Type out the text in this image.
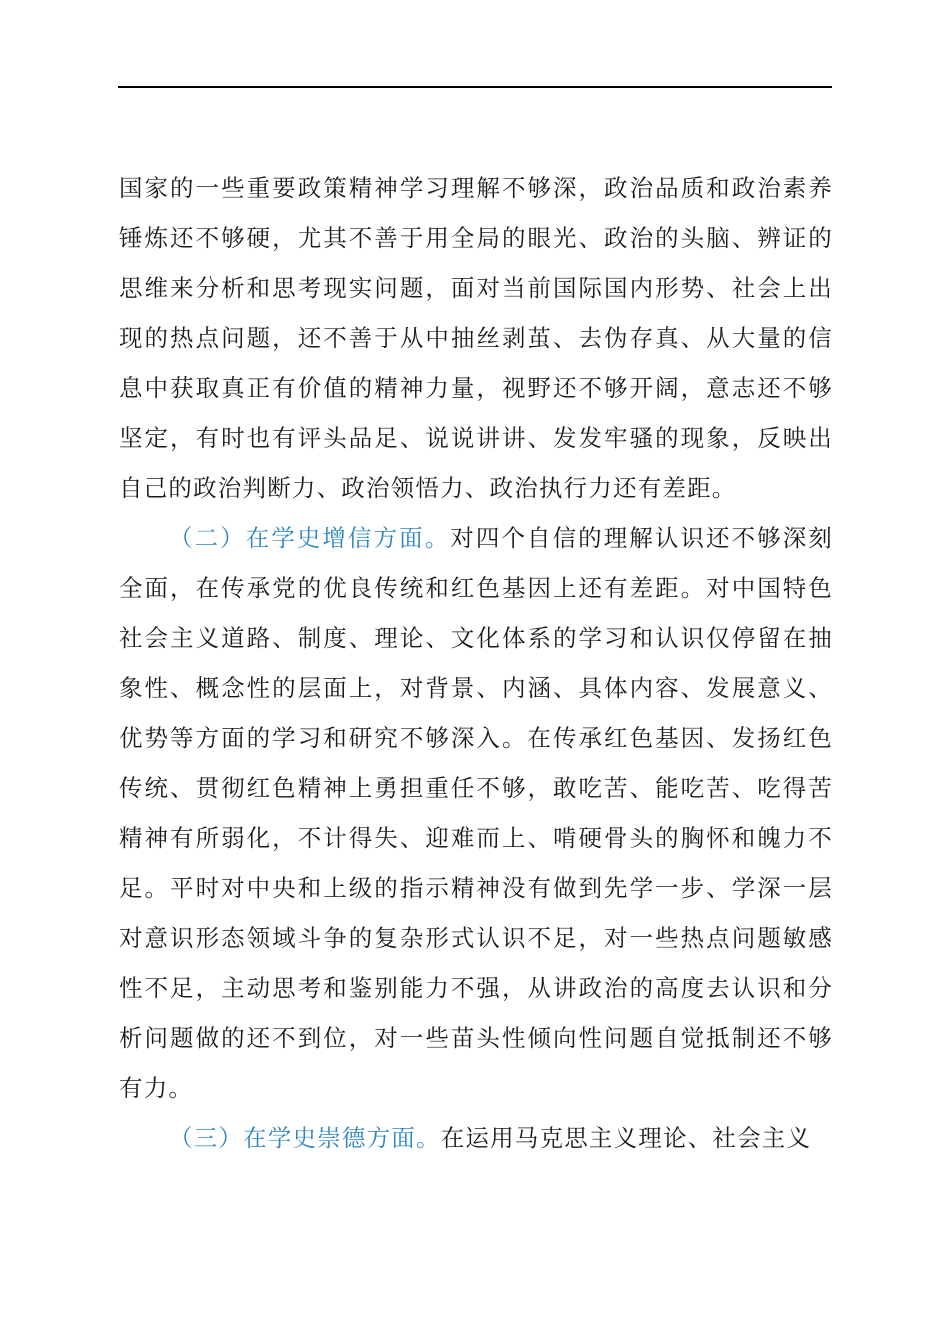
国家的一些重要政策精神学习理解不够深，政治品质和政治素养锤炼还不够硬，尤其不善于用全局的眼光、政治的头脑、辨证的思维来分析和思考现实问题，面对当前国际国内形势、社会上出现的热点问题，还不善于从中抽丝剥茧、去伪存真、从大量的信息中获取真正有价值的精神力量，视野还不够开阔，意志还不够坚定，有时也有评头品足、说说讲讲、发发牢骚的现象，反映出自己的政治判断力、政治领悟力、政治执行力还有差距。

（二）在学史增信方面。对四个自信的理解认识还不够深刻全面，在传承党的优良传统和红色基因上还有差距。对中国特色社会主义道路、制度、理论、文化体系的学习和认识仅停留在抽象性、概念性的层面上，对背景、内涵、具体内容、发展意义、优势等方面的学习和研究不够深入。在传承红色基因、发扬红色传统、贯彻红色精神上勇担重任不够，敢吃苦、能吃苦、吃得苦精神有所弱化，不计得失、迎难而上、啃硬骨头的胸怀和魄力不足。平时对中央和上级的指示精神没有做到先学一步、学深一层对意识形态领域斗争的复杂形式认识不足，对一些热点问题敏感性不足，主动思考和鉴别能力不强，从讲政治的高度去认识和分析问题做的还不到位，对一些苗头性倾向性问题自觉抵制还不够有力。

（三）在学史崇德方面。在运用马克思主义理论、社会主义
